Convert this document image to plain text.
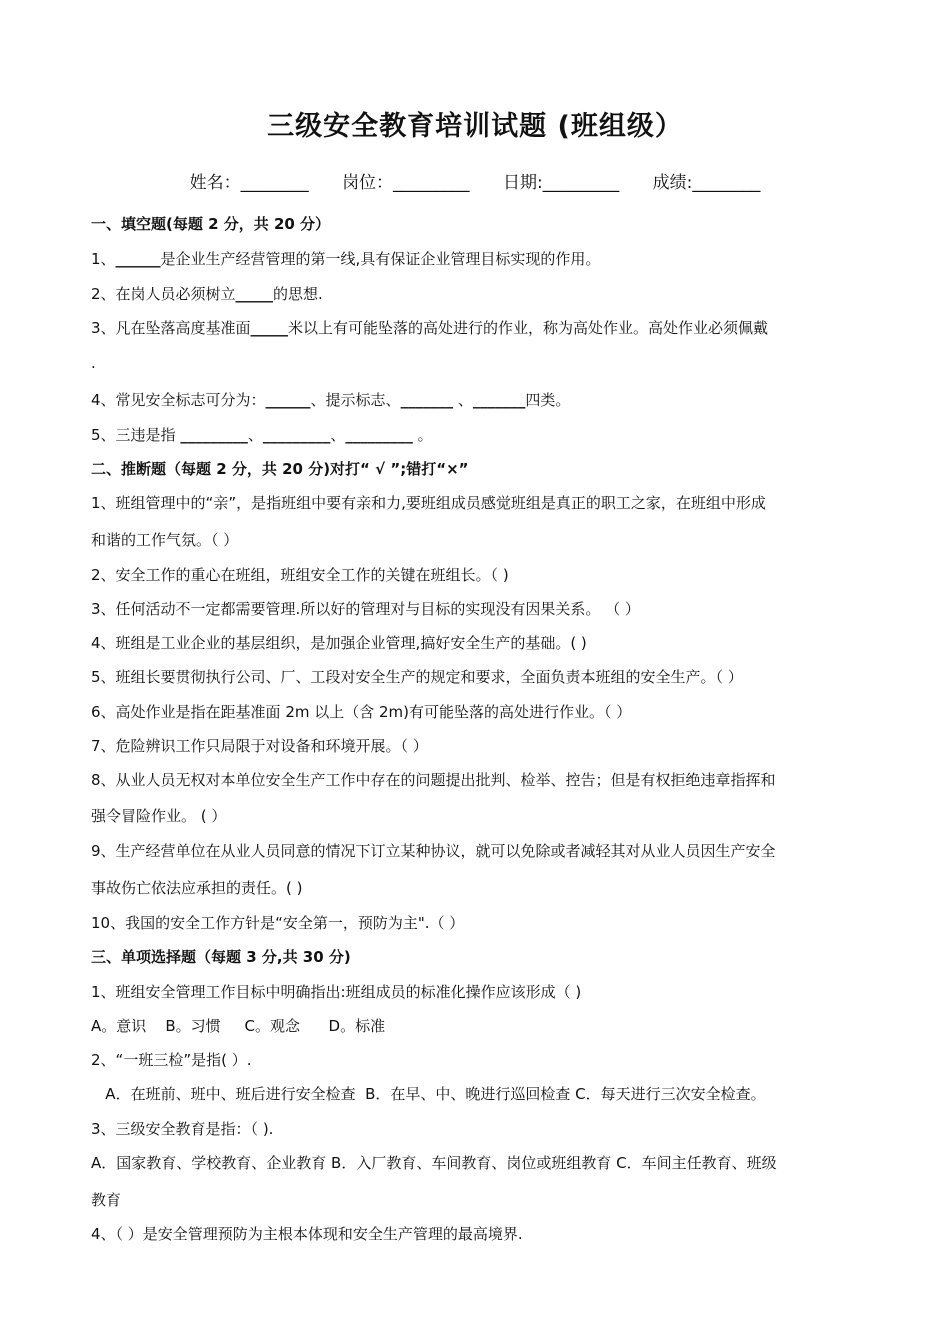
三级安全教育培训试题 (班组级）
姓名：________ 岗位：_________ 日期:_________ 成绩:________
一、填空题(每题 2 分，共 20 分）
1、______是企业生产经营管理的第一线,具有保证企业管理目标实现的作用。
2、在岗人员必须树立_____的思想.
3、凡在坠落高度基准面_____米以上有可能坠落的高处进行的作业，称为高处作业。高处作业必须佩戴
.
4、常见安全标志可分为：______、提示标志、_______ 、_______四类。
5、三违是指 _________、_________、_________ 。
二、推断题（每题 2 分，共 20 分)对打“ √ ”;错打“×”
1、班组管理中的“亲”，是指班组中要有亲和力,要班组成员感觉班组是真正的职工之家，在班组中形成
和谐的工作气氛。（ ）
2、安全工作的重心在班组，班组安全工作的关键在班组长。（ )
3、任何活动不一定都需要管理.所以好的管理对与目标的实现没有因果关系。 （ ）
4、班组是工业企业的基层组织，是加强企业管理,搞好安全生产的基础。( )
5、班组长要贯彻执行公司、厂、工段对安全生产的规定和要求，全面负责本班组的安全生产。（ ）
6、高处作业是指在距基准面 2m 以上（含 2m)有可能坠落的高处进行作业。（ ）
7、危险辨识工作只局限于对设备和环境开展。（ ）
8、从业人员无权对本单位安全生产工作中存在的问题提出批判、检举、控告；但是有权拒绝违章指挥和
强令冒险作业。 ( ）
9、生产经营单位在从业人员同意的情况下订立某种协议，就可以免除或者减轻其对从业人员因生产安全
事故伤亡依法应承担的责任。( )
10、我国的安全工作方针是“安全第一，预防为主".（ ）
三、单项选择题（每题 3 分,共 30 分)
1、班组安全管理工作目标中明确指出:班组成员的标准化操作应该形成（ )
A。意识    B。习惯     C。观念      D。标准
2、“一班三检”是指( ）.
A．在班前、班中、班后进行安全检查  B．在早、中、晚进行巡回检查 C．每天进行三次安全检查。
3、三级安全教育是指：（ ).
A．国家教育、学校教育、企业教育 B．入厂教育、车间教育、岗位或班组教育 C．车间主任教育、班级
教育
4、（ ）是安全管理预防为主根本体现和安全生产管理的最高境界.
